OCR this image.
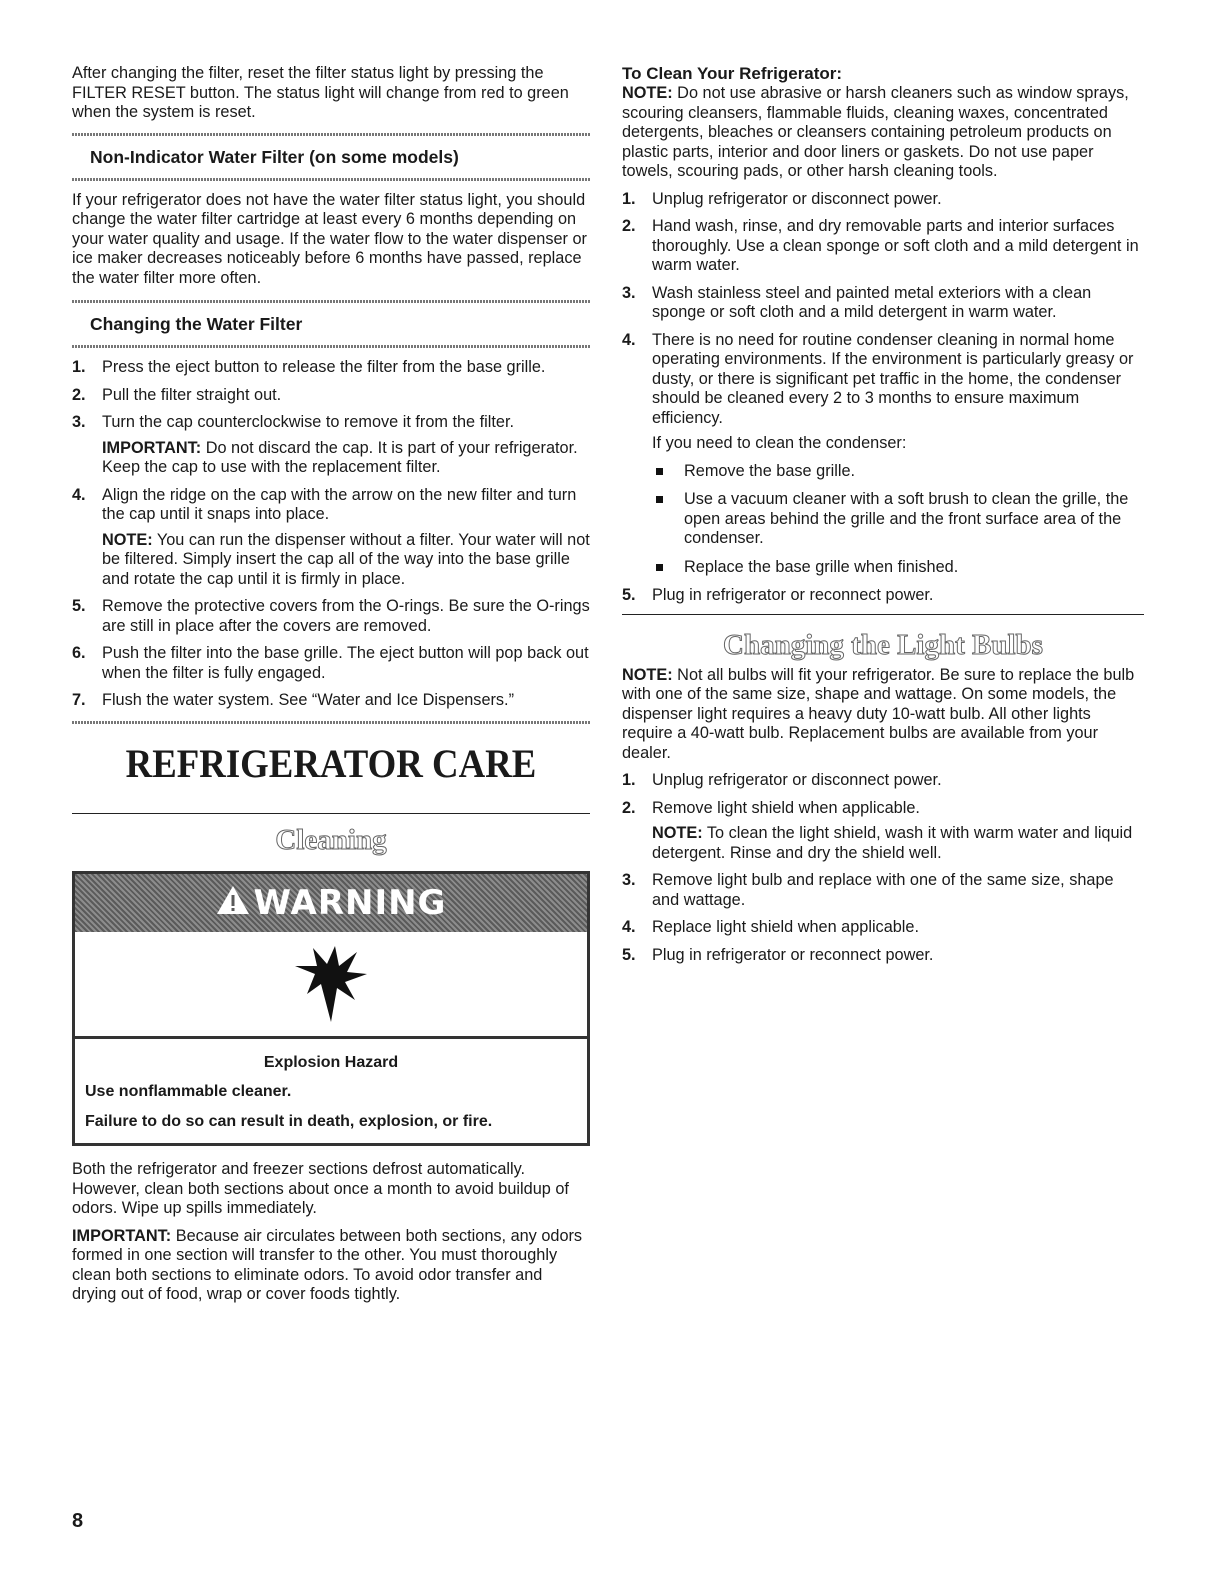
After changing the filter, reset the filter status light by pressing the FILTER RESET button. The status light will change from red to green when the system is reset.

Non-Indicator Water Filter (on some models)

If your refrigerator does not have the water filter status light, you should change the water filter cartridge at least every 6 months depending on your water quality and usage. If the water flow to the water dispenser or ice maker decreases noticeably before 6 months have passed, replace the water filter more often.

Changing the Water Filter
1. Press the eject button to release the filter from the base grille.
2. Pull the filter straight out.
3. Turn the cap counterclockwise to remove it from the filter.

IMPORTANT: Do not discard the cap. It is part of your refrigerator. Keep the cap to use with the replacement filter.

4. Align the ridge on the cap with the arrow on the new filter and turn the cap until it snaps into place.

NOTE: You can run the dispenser without a filter. Your water will not be filtered. Simply insert the cap all of the way into the base grille and rotate the cap until it is firmly in place.

5. Remove the protective covers from the O-rings. Be sure the O-rings are still in place after the covers are removed.
6. Push the filter into the base grille. The eject button will pop back out when the filter is fully engaged.
7. Flush the water system. See “Water and Ice Dispensers.”
REFRIGERATOR CARE
Cleaning
WARNING

Explosion Hazard

Use nonflammable cleaner.

Failure to do so can result in death, explosion, or fire.

Both the refrigerator and freezer sections defrost automatically. However, clean both sections about once a month to avoid buildup of odors. Wipe up spills immediately.

IMPORTANT: Because air circulates between both sections, any odors formed in one section will transfer to the other. You must thoroughly clean both sections to eliminate odors. To avoid odor transfer and drying out of food, wrap or cover foods tightly.

To Clean Your Refrigerator:

NOTE: Do not use abrasive or harsh cleaners such as window sprays, scouring cleansers, flammable fluids, cleaning waxes, concentrated detergents, bleaches or cleansers containing petroleum products on plastic parts, interior and door liners or gaskets. Do not use paper towels, scouring pads, or other harsh cleaning tools.

1. Unplug refrigerator or disconnect power.
2. Hand wash, rinse, and dry removable parts and interior surfaces thoroughly. Use a clean sponge or soft cloth and a mild detergent in warm water.
3. Wash stainless steel and painted metal exteriors with a clean sponge or soft cloth and a mild detergent in warm water.
4. There is no need for routine condenser cleaning in normal home operating environments. If the environment is particularly greasy or dusty, or there is significant pet traffic in the home, the condenser should be cleaned every 2 to 3 months to ensure maximum efficiency.

If you need to clean the condenser:

Remove the base grille.
Use a vacuum cleaner with a soft brush to clean the grille, the open areas behind the grille and the front surface area of the condenser.
Replace the base grille when finished.
5. Plug in refrigerator or reconnect power.
Changing the Light Bulbs

NOTE: Not all bulbs will fit your refrigerator. Be sure to replace the bulb with one of the same size, shape and wattage. On some models, the dispenser light requires a heavy duty 10-watt bulb. All other lights require a 40-watt bulb. Replacement bulbs are available from your dealer.

1. Unplug refrigerator or disconnect power.
2. Remove light shield when applicable.

NOTE: To clean the light shield, wash it with warm water and liquid detergent. Rinse and dry the shield well.

3. Remove light bulb and replace with one of the same size, shape and wattage.
4. Replace light shield when applicable.
5. Plug in refrigerator or reconnect power.
8
